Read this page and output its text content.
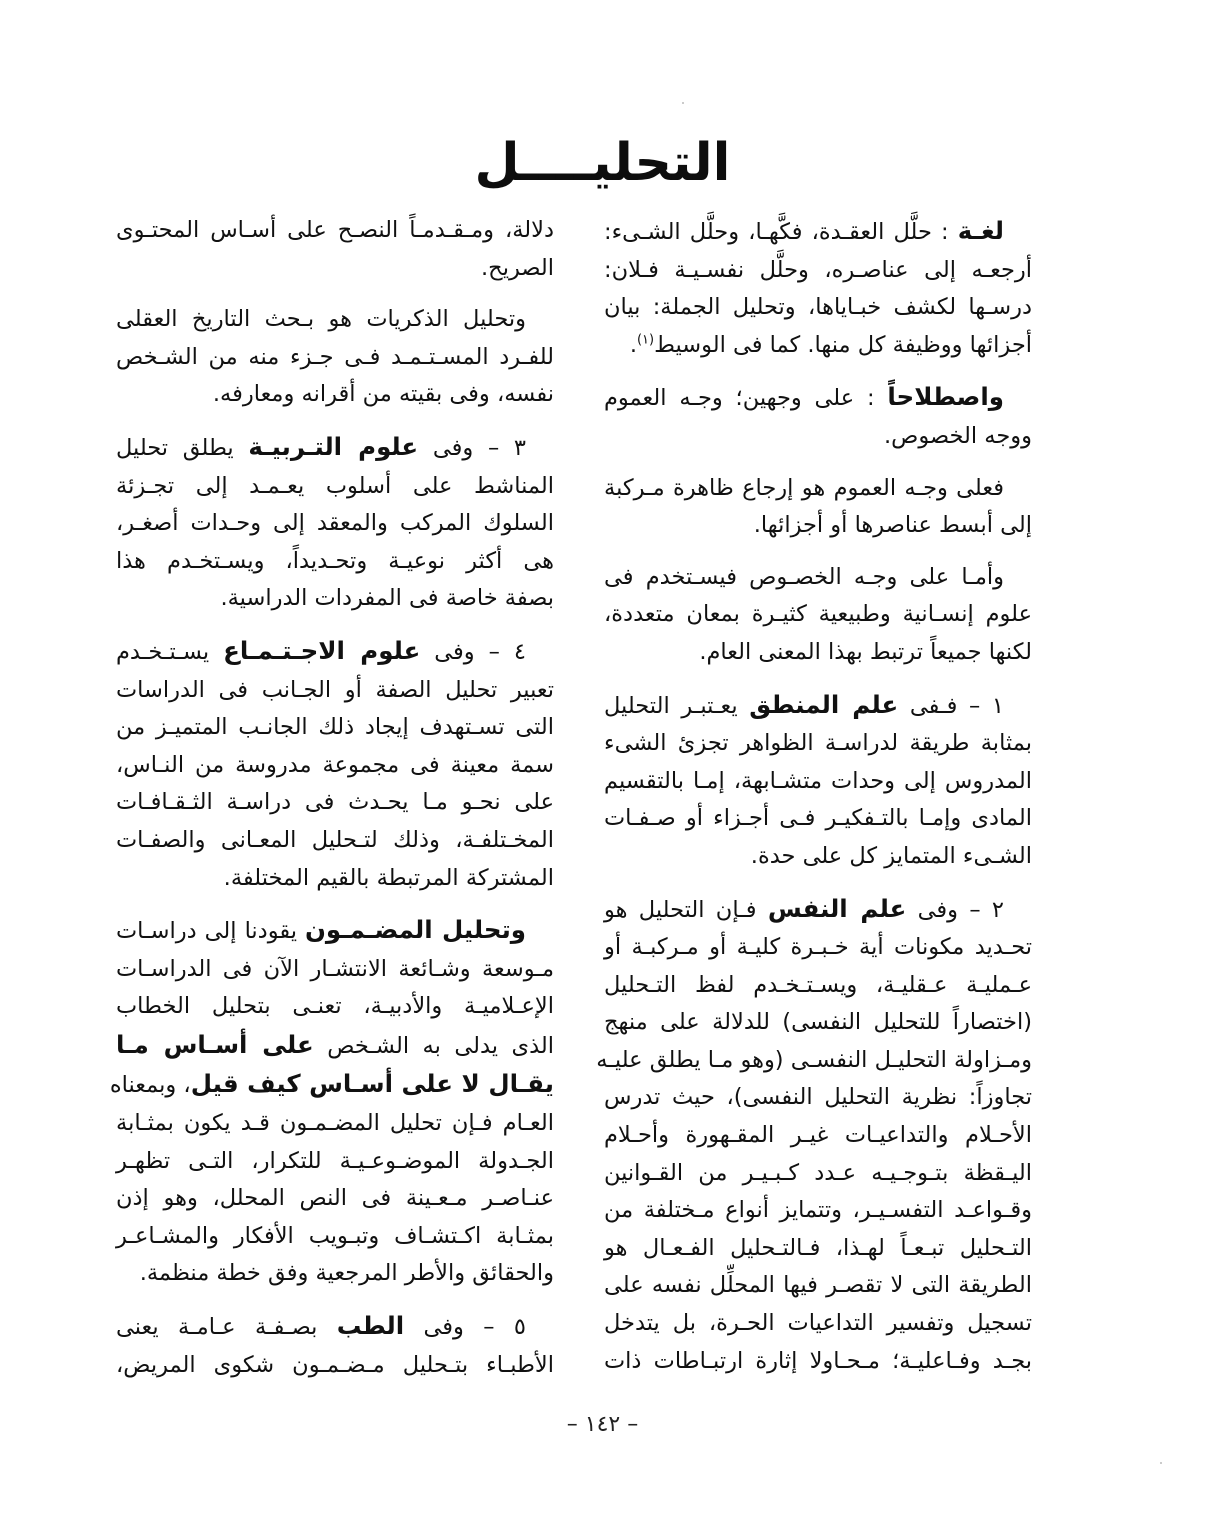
التحليــــل

لغـة : حلَّل العقـدة، فكَّهـا، وحلَّل الشـىء:
أرجعـه إلى عناصـره، وحلَّل نفسـيـة فـلان:
درسـها لكشف خبـاياها، وتحليل الجملة: بيان
أجزائها ووظيفة كل منها. كما فى الوسيط$^{(١)}$.

واصطلاحاً : على وجهين؛ وجـه العموم
ووجه الخصوص.

فعلى وجـه العموم هو إرجاع ظاهرة مـركبة
إلى أبسط عناصرها أو أجزائها.

وأمـا على وجـه الخصـوص فيسـتخدم فى
علوم إنسـانية وطبيعية كثيـرة بمعان متعددة،
لكنها جميعاً ترتبط بهذا المعنى العام.

١ – فـفى علم المنطق يعـتبـر التحليل
بمثابة طريقة لدراسـة الظواهر تجزئ الشىء
المدروس إلى وحدات متشـابهة، إمـا بالتقسيم
المادى وإمـا بالتـفكيـر فـى أجـزاء أو صـفـات
الشـىء المتمايز كل على حدة.

٢ – وفى علم النفس فـإن التحليل هو
تحـديد مكونات أية خـبـرة كليـة أو مـركبـة أو
عـمليـة عـقليـة، ويسـتـخـدم لفظ التـحليل
(اختصاراً للتحليل النفسى) للدلالة على منهج
ومـزاولة التحليـل النفسـى (وهو مـا يطلق عليـه
تجاوزاً: نظرية التحليل النفسى)، حيث تدرس
الأحـلام والتداعيـات غيـر المقـهورة وأحـلام
اليـقظة بتـوجـيـه عـدد كـبـيـر من القـوانين
وقـواعـد التفسـيـر، وتتمايز أنواع مـختلفة من
التـحليل تبـعـاً لهـذا، فـالتـحليل الفـعـال هو
الطريقة التى لا تقصـر فيها المحلِّل نفسه على
تسجيل وتفسير التداعيات الحـرة، بل يتدخل
بجـد وفـاعليـة؛ مـحـاولا إثارة ارتبـاطات ذات

دلالة، ومـقـدمـاً النصـح على أسـاس المحتـوى
الصريح.

وتحليل الذكريات هو بـحث التاريخ العقلى
للفـرد المسـتـمـد فـى جـزء منه من الشـخص
نفسه، وفى بقيته من أقرانه ومعارفه.

٣ – وفى علوم التـربيـة يطلق تحليل
المناشط على أسلوب يعـمـد إلى تجـزئة
السلوك المركب والمعقد إلى وحـدات أصغـر،
هى أكثر نوعيـة وتحـديداً، ويسـتخـدم هذا
بصفة خاصة فى المفردات الدراسية.

٤ – وفى علوم الاجـتـمـاع يسـتـخـدم
تعبير تحليل الصفة أو الجـانب فى الدراسات
التى تسـتهدف إيجاد ذلك الجانـب المتميـز من
سمة معينة فى مجموعة مدروسة من النـاس،
على نحـو مـا يحـدث فى دراسـة الثـقـافـات
المخـتلفـة، وذلك لتـحليل المعـانى والصفـات
المشتركة المرتبطة بالقيم المختلفة.

وتحليل المضـمـون يقودنا إلى دراسـات
مـوسعة وشـائعة الانتشـار الآن فى الدراسـات
الإعـلاميـة والأدبيـة، تعنـى بتحليل الخطاب
الذى يدلى به الشـخص على أسـاس مـا
يقـال لا على أسـاس كيف قيل، وبمعناه
العـام فـإن تحليل المضـمـون قـد يكون بمثـابة
الجـدولة الموضـوعـيـة للتكرار، التـى تظهـر
عنـاصـر مـعـينة فى النص المحلل، وهو إذن
بمثـابة اكـتشـاف وتبـويب الأفكار والمشـاعـر
والحقائق والأطر المرجعية وفق خطة منظمة.

٥ – وفى الطب بصـفـة عـامـة يعنى
الأطبـاء بتـحليل مـضـمـون شكوى المريض،

– ١٤٢ –
